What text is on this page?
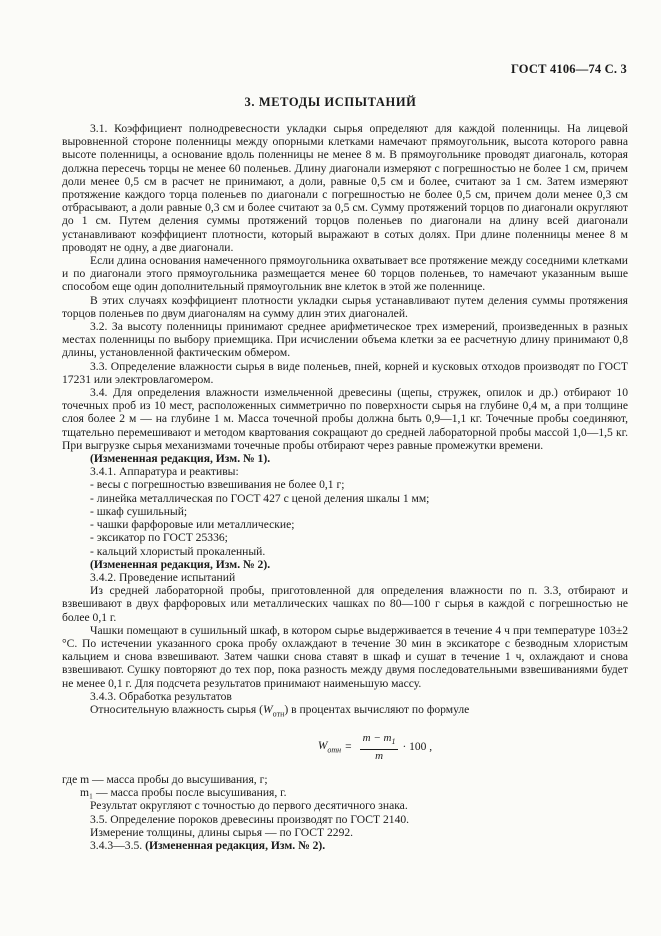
ГОСТ 4106—74 С. 3
3. МЕТОДЫ ИСПЫТАНИЙ

3.1. Коэффициент полнодревесности укладки сырья определяют для каждой поленницы. На лицевой выровненной стороне поленницы между опорными клетками намечают прямоугольник, высота которого равна высоте поленницы, а основание вдоль поленницы не менее 8 м. В прямоугольнике проводят диагональ, которая должна пересечь торцы не менее 60 поленьев. Длину диагонали измеряют с погрешностью не более 1 см, причем доли менее 0,5 см в расчет не принимают, а доли, равные 0,5 см и более, считают за 1 см. Затем измеряют протяжение каждого торца поленьев по диагонали с погрешностью не более 0,5 см, причем доли менее 0,3 см отбрасывают, а доли равные 0,3 см и более считают за 0,5 см. Сумму протяжений торцов по диагонали округляют до 1 см. Путем деления суммы протяжений торцов поленьев по диагонали на длину всей диагонали устанавливают коэффициент плотности, который выражают в сотых долях. При длине поленницы менее 8 м проводят не одну, а две диагонали.

Если длина основания намеченного прямоугольника охватывает все протяжение между соседними клетками и по диагонали этого прямоугольника размещается менее 60 торцов поленьев, то намечают указанным выше способом еще один дополнительный прямоугольник вне клеток в этой же поленнице.

В этих случаях коэффициент плотности укладки сырья устанавливают путем деления суммы протяжения торцов поленьев по двум диагоналям на сумму длин этих диагоналей.

3.2. За высоту поленницы принимают среднее арифметическое трех измерений, произведенных в разных местах поленницы по выбору приемщика. При исчислении объема клетки за ее расчетную длину принимают 0,8 длины, установленной фактическим обмером.

3.3. Определение влажности сырья в виде поленьев, пней, корней и кусковых отходов производят по ГОСТ 17231 или электровлагомером.

3.4. Для определения влажности измельченной древесины (щепы, стружек, опилок и др.) отбирают 10 точечных проб из 10 мест, расположенных симметрично по поверхности сырья на глубине 0,4 м, а при толщине слоя более 2 м — на глубине 1 м. Масса точечной пробы должна быть 0,9—1,1 кг. Точечные пробы соединяют, тщательно перемешивают и методом квартования сокращают до средней лабораторной пробы массой 1,0—1,5 кг. При выгрузке сырья механизмами точечные пробы отбирают через равные промежутки времени.

(Измененная редакция, Изм. № 1).

3.4.1. Аппаратура и реактивы:

- весы с погрешностью взвешивания не более 0,1 г;

- линейка металлическая по ГОСТ 427 с ценой деления шкалы 1 мм;

- шкаф сушильный;

- чашки фарфоровые или металлические;

- эксикатор по ГОСТ 25336;

- кальций хлористый прокаленный.

(Измененная редакция, Изм. № 2).

3.4.2. Проведение испытаний

Из средней лабораторной пробы, приготовленной для определения влажности по п. 3.3, отбирают и взвешивают в двух фарфоровых или металлических чашках по 80—100 г сырья в каждой с погрешностью не более 0,1 г.

Чашки помещают в сушильный шкаф, в котором сырье выдерживается в течение 4 ч при температуре 103±2 °С. По истечении указанного срока пробу охлаждают в течение 30 мин в эксикаторе с безводным хлористым кальцием и снова взвешивают. Затем чашки снова ставят в шкаф и сушат в течение 1 ч, охлаждают и снова взвешивают. Сушку повторяют до тех пор, пока разность между двумя последовательными взвешиваниями будет не менее 0,1 г. Для подсчета результатов принимают наименьшую массу.

3.4.3. Обработка результатов

Относительную влажность сырья $(W_{отн})$ в процентах вычисляют по формуле

$W_{отн} = \frac{m - m_1}{m} \cdot 100$ ,

где m — масса пробы до высушивания, г;

m₁ — масса пробы после высушивания, г.

Результат округляют с точностью до первого десятичного знака.

3.5. Определение пороков древесины производят по ГОСТ 2140.

Измерение толщины, длины сырья — по ГОСТ 2292.

3.4.3—3.5. (Измененная редакция, Изм. № 2).
